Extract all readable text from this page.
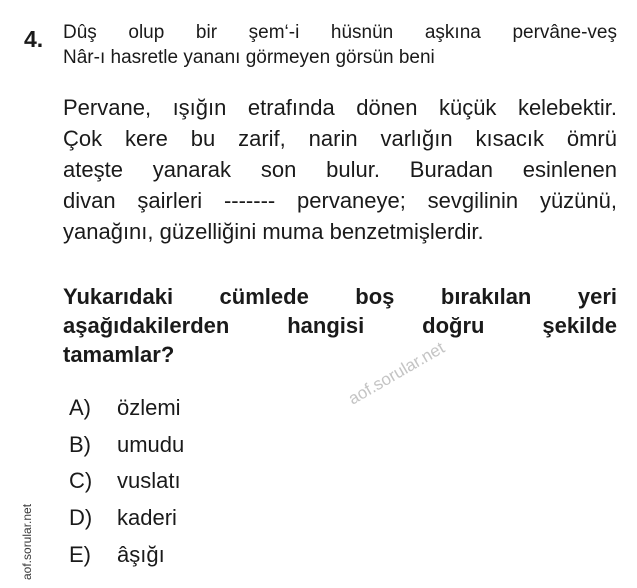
4. Dûş olup bir şem‘-i hüsnün aşkına pervâne-veş
Nâr-ı hasretle yananı görmeyen görsün beni
Pervane, ışığın etrafında dönen küçük kelebektir.
Çok kere bu zarif, narin varlığın kısacık ömrü
ateşte yanarak son bulur. Buradan esinlenen
divan şairleri ------- pervaneye; sevgilinin yüzünü,
yanağını, güzelliğini muma benzetmişlerdir.
Yukarıdaki cümlede boş bırakılan yeri
aşağıdakilerden hangisi doğru şekilde
tamamlar?
A)	özlemi
B)	umudu
C)	vuslatı
D)	kaderi
E)	âşığı
aof.sorular.net
aof.sorular.net
